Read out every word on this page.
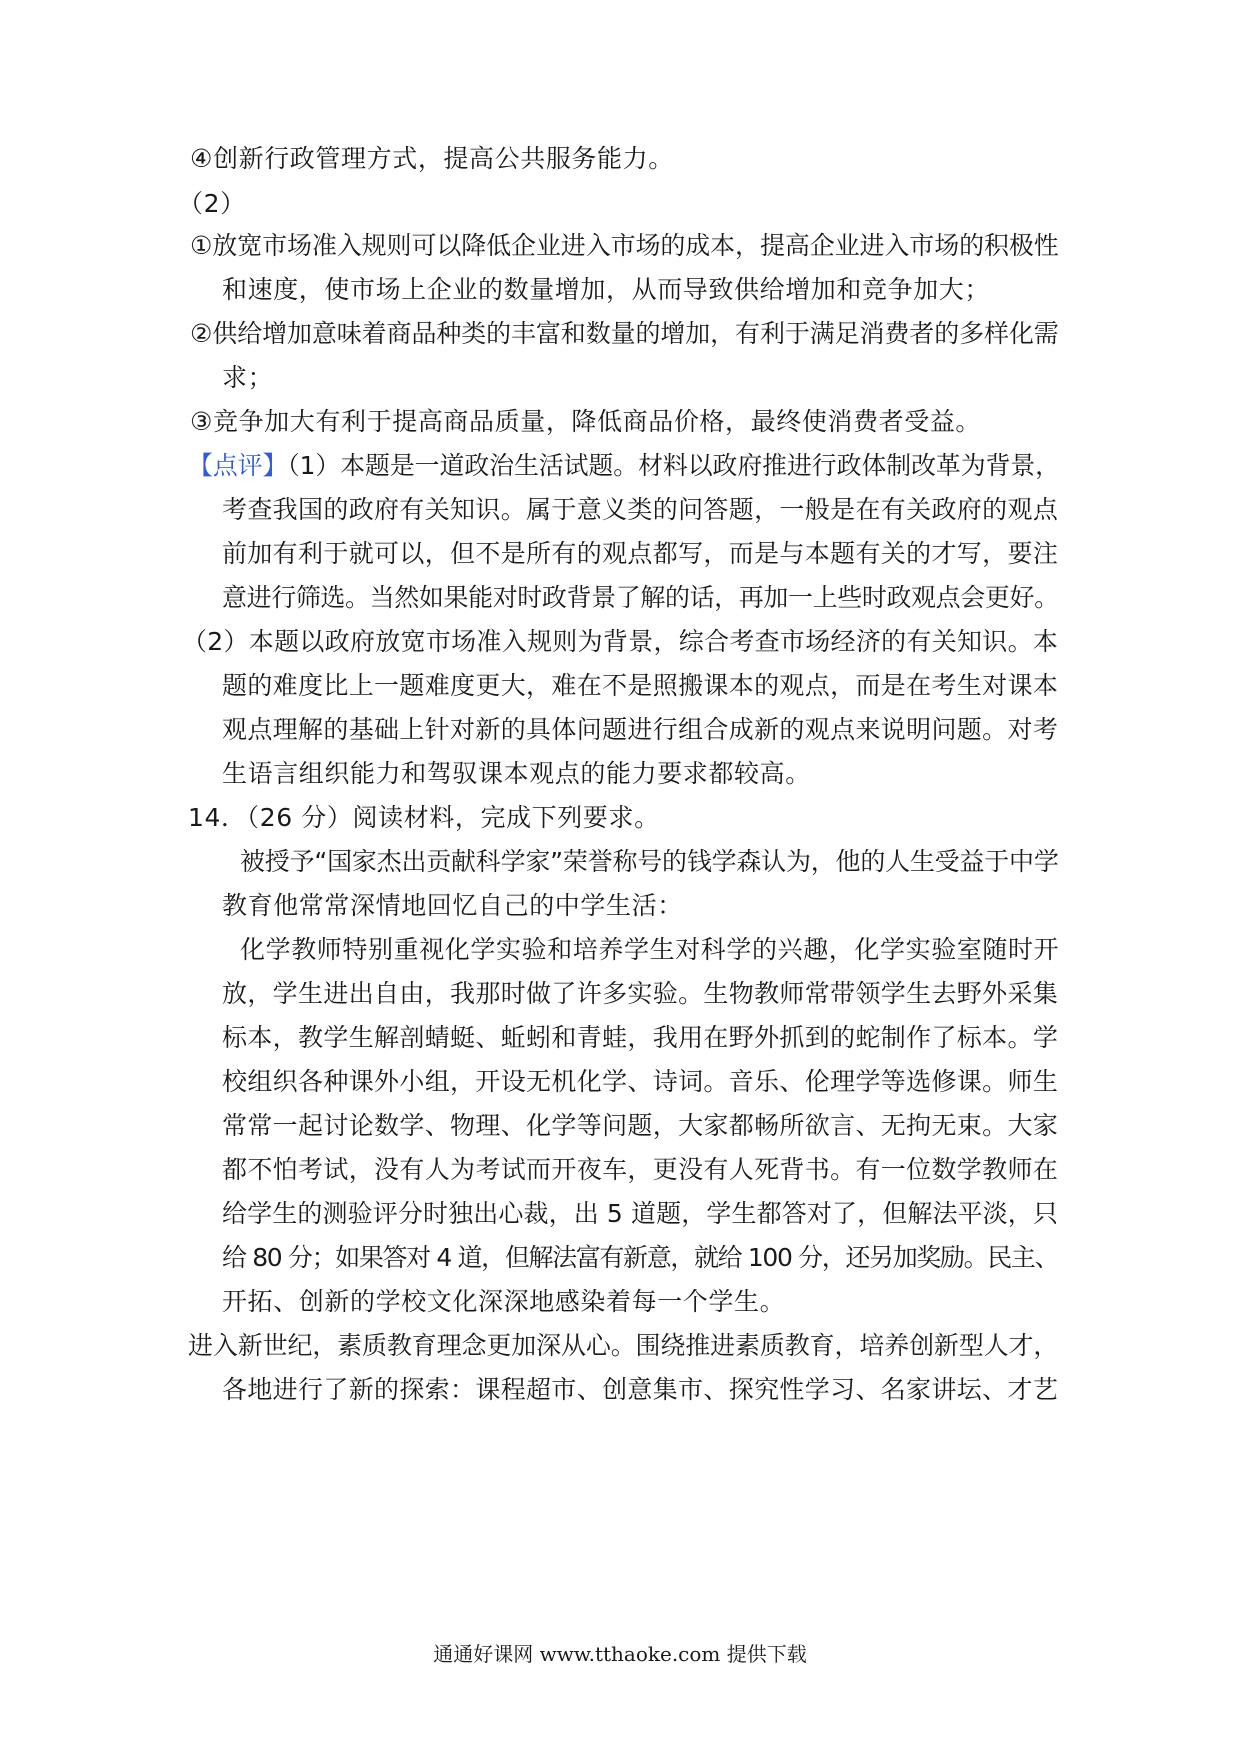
④创新行政管理方式，提高公共服务能力。
（2）
①放宽市场准入规则可以降低企业进入市场的成本，提高企业进入市场的积极性
和速度，使市场上企业的数量增加，从而导致供给增加和竞争加大；
②供给增加意味着商品种类的丰富和数量的增加，有利于满足消费者的多样化需
求；
③竞争加大有利于提高商品质量，降低商品价格，最终使消费者受益。
【点评】（1）本题是一道政治生活试题。材料以政府推进行政体制改革为背景，
考查我国的政府有关知识。属于意义类的问答题，一般是在有关政府的观点
前加有利于就可以，但不是所有的观点都写，而是与本题有关的才写，要注
意进行筛选。当然如果能对时政背景了解的话，再加一上些时政观点会更好。
（2）本题以政府放宽市场准入规则为背景，综合考查市场经济的有关知识。本
题的难度比上一题难度更大，难在不是照搬课本的观点，而是在考生对课本
观点理解的基础上针对新的具体问题进行组合成新的观点来说明问题。对考
生语言组织能力和驾驭课本观点的能力要求都较高。
14．（26 分）阅读材料，完成下列要求。
被授予“国家杰出贡献科学家”荣誉称号的钱学森认为，他的人生受益于中学
教育他常常深情地回忆自己的中学生活：
化学教师特别重视化学实验和培养学生对科学的兴趣，化学实验室随时开
放，学生进出自由，我那时做了许多实验。生物教师常带领学生去野外采集
标本，教学生解剖蜻蜓、蚯蚓和青蛙，我用在野外抓到的蛇制作了标本。学
校组织各种课外小组，开设无机化学、诗词。音乐、伦理学等选修课。师生
常常一起讨论数学、物理、化学等问题，大家都畅所欲言、无拘无束。大家
都不怕考试，没有人为考试而开夜车，更没有人死背书。有一位数学教师在
给学生的测验评分时独出心裁，出 5 道题，学生都答对了，但解法平淡，只
给 80 分；如果答对 4 道，但解法富有新意，就给 100 分，还另加奖励。民主、
开拓、创新的学校文化深深地感染着每一个学生。
进入新世纪，素质教育理念更加深从心。围绕推进素质教育，培养创新型人才，
各地进行了新的探索：课程超市、创意集市、探究性学习、名家讲坛、才艺
通通好课网 www.tthaoke.com 提供下载
